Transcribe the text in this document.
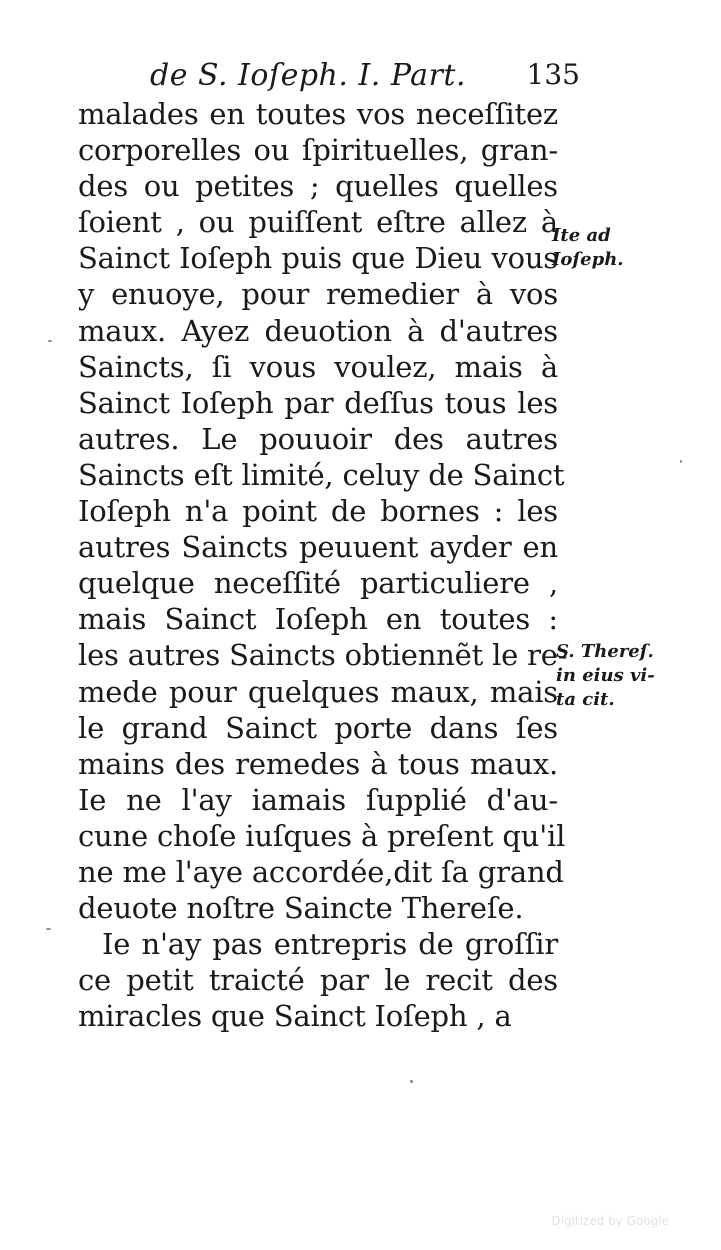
de S. Ioſeph. I. Part. 135
malades en toutes vos neceſſitez
corporelles ou ſpirituelles, gran-
des ou petites ; quelles quelles
ſoient , ou puiſſent eſtre allez à
Sainct Ioſeph puis que Dieu vous
y enuoye, pour remedier à vos
maux. Ayez deuotion à d'autres
Saincts, ſi vous voulez, mais à
Sainct Ioſeph par deſſus tous les
autres. Le pouuoir des autres
Saincts eſt limité, celuy de Sainct
Ioſeph n'a point de bornes : les
autres Saincts peuuent ayder en
quelque neceſſité particuliere ,
mais Sainct Ioſeph en toutes :
les autres Saincts obtiennẽt le re-
mede pour quelques maux, mais
le grand Sainct porte dans ſes
mains des remedes à tous maux.
Ie ne l'ay iamais ſupplié d'au-
cune choſe iuſques à preſent qu'il
ne me l'aye accordée,dit ſa grand
deuote noſtre Saincte Thereſe.
Ie n'ay pas entrepris de groſſir
ce petit traicté par le recit des
miracles que Sainct Ioſeph , a
Ite ad
Ioſeph.
S. Thereſ.
in eius vi-
ta cit.
Digitized by Google
